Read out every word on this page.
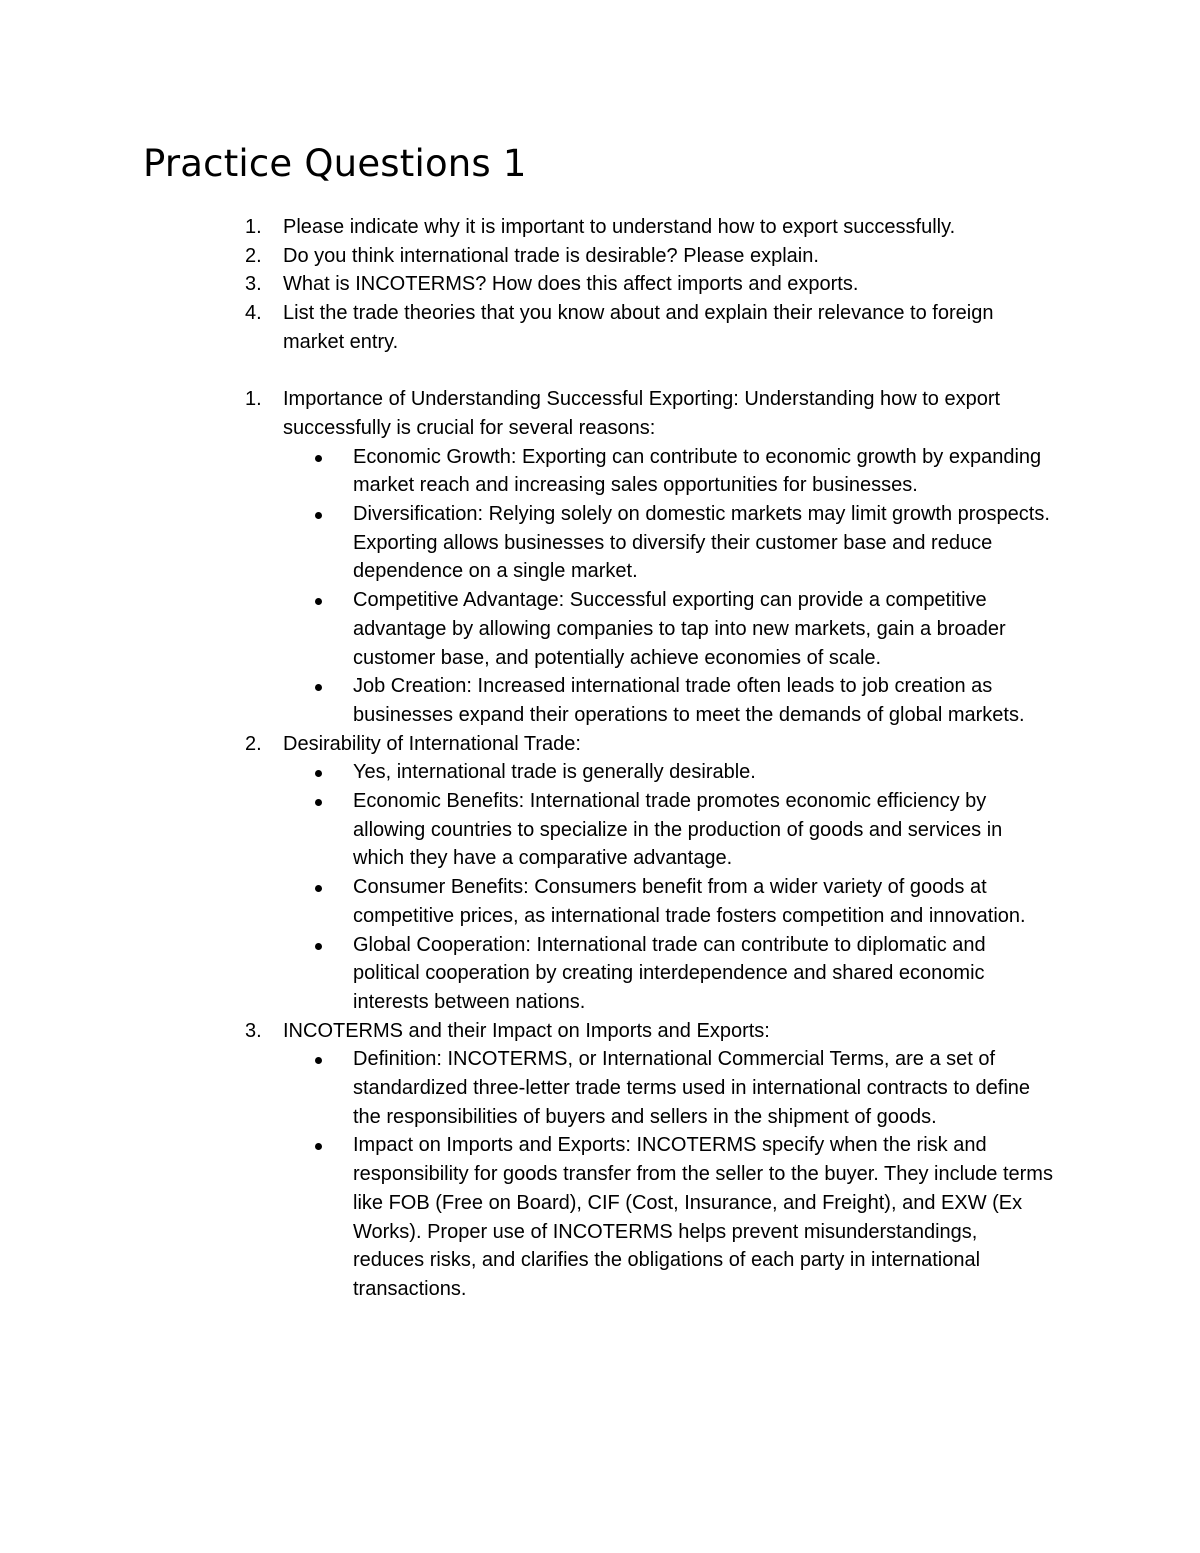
Practice Questions 1
1.	Please indicate why it is important to understand how to export successfully.
2.	Do you think international trade is desirable? Please explain.
3.	What is INCOTERMS? How does this affect imports and exports.
4.	List the trade theories that you know about and explain their relevance to foreign market entry.
1.	Importance of Understanding Successful Exporting: Understanding how to export successfully is crucial for several reasons:
Economic Growth: Exporting can contribute to economic growth by expanding market reach and increasing sales opportunities for businesses.
Diversification: Relying solely on domestic markets may limit growth prospects. Exporting allows businesses to diversify their customer base and reduce dependence on a single market.
Competitive Advantage: Successful exporting can provide a competitive advantage by allowing companies to tap into new markets, gain a broader customer base, and potentially achieve economies of scale.
Job Creation: Increased international trade often leads to job creation as businesses expand their operations to meet the demands of global markets.
2.	Desirability of International Trade:
Yes, international trade is generally desirable.
Economic Benefits: International trade promotes economic efficiency by allowing countries to specialize in the production of goods and services in which they have a comparative advantage.
Consumer Benefits: Consumers benefit from a wider variety of goods at competitive prices, as international trade fosters competition and innovation.
Global Cooperation: International trade can contribute to diplomatic and political cooperation by creating interdependence and shared economic interests between nations.
3.	INCOTERMS and their Impact on Imports and Exports:
Definition: INCOTERMS, or International Commercial Terms, are a set of standardized three-letter trade terms used in international contracts to define the responsibilities of buyers and sellers in the shipment of goods.
Impact on Imports and Exports: INCOTERMS specify when the risk and responsibility for goods transfer from the seller to the buyer. They include terms like FOB (Free on Board), CIF (Cost, Insurance, and Freight), and EXW (Ex Works). Proper use of INCOTERMS helps prevent misunderstandings, reduces risks, and clarifies the obligations of each party in international transactions.
